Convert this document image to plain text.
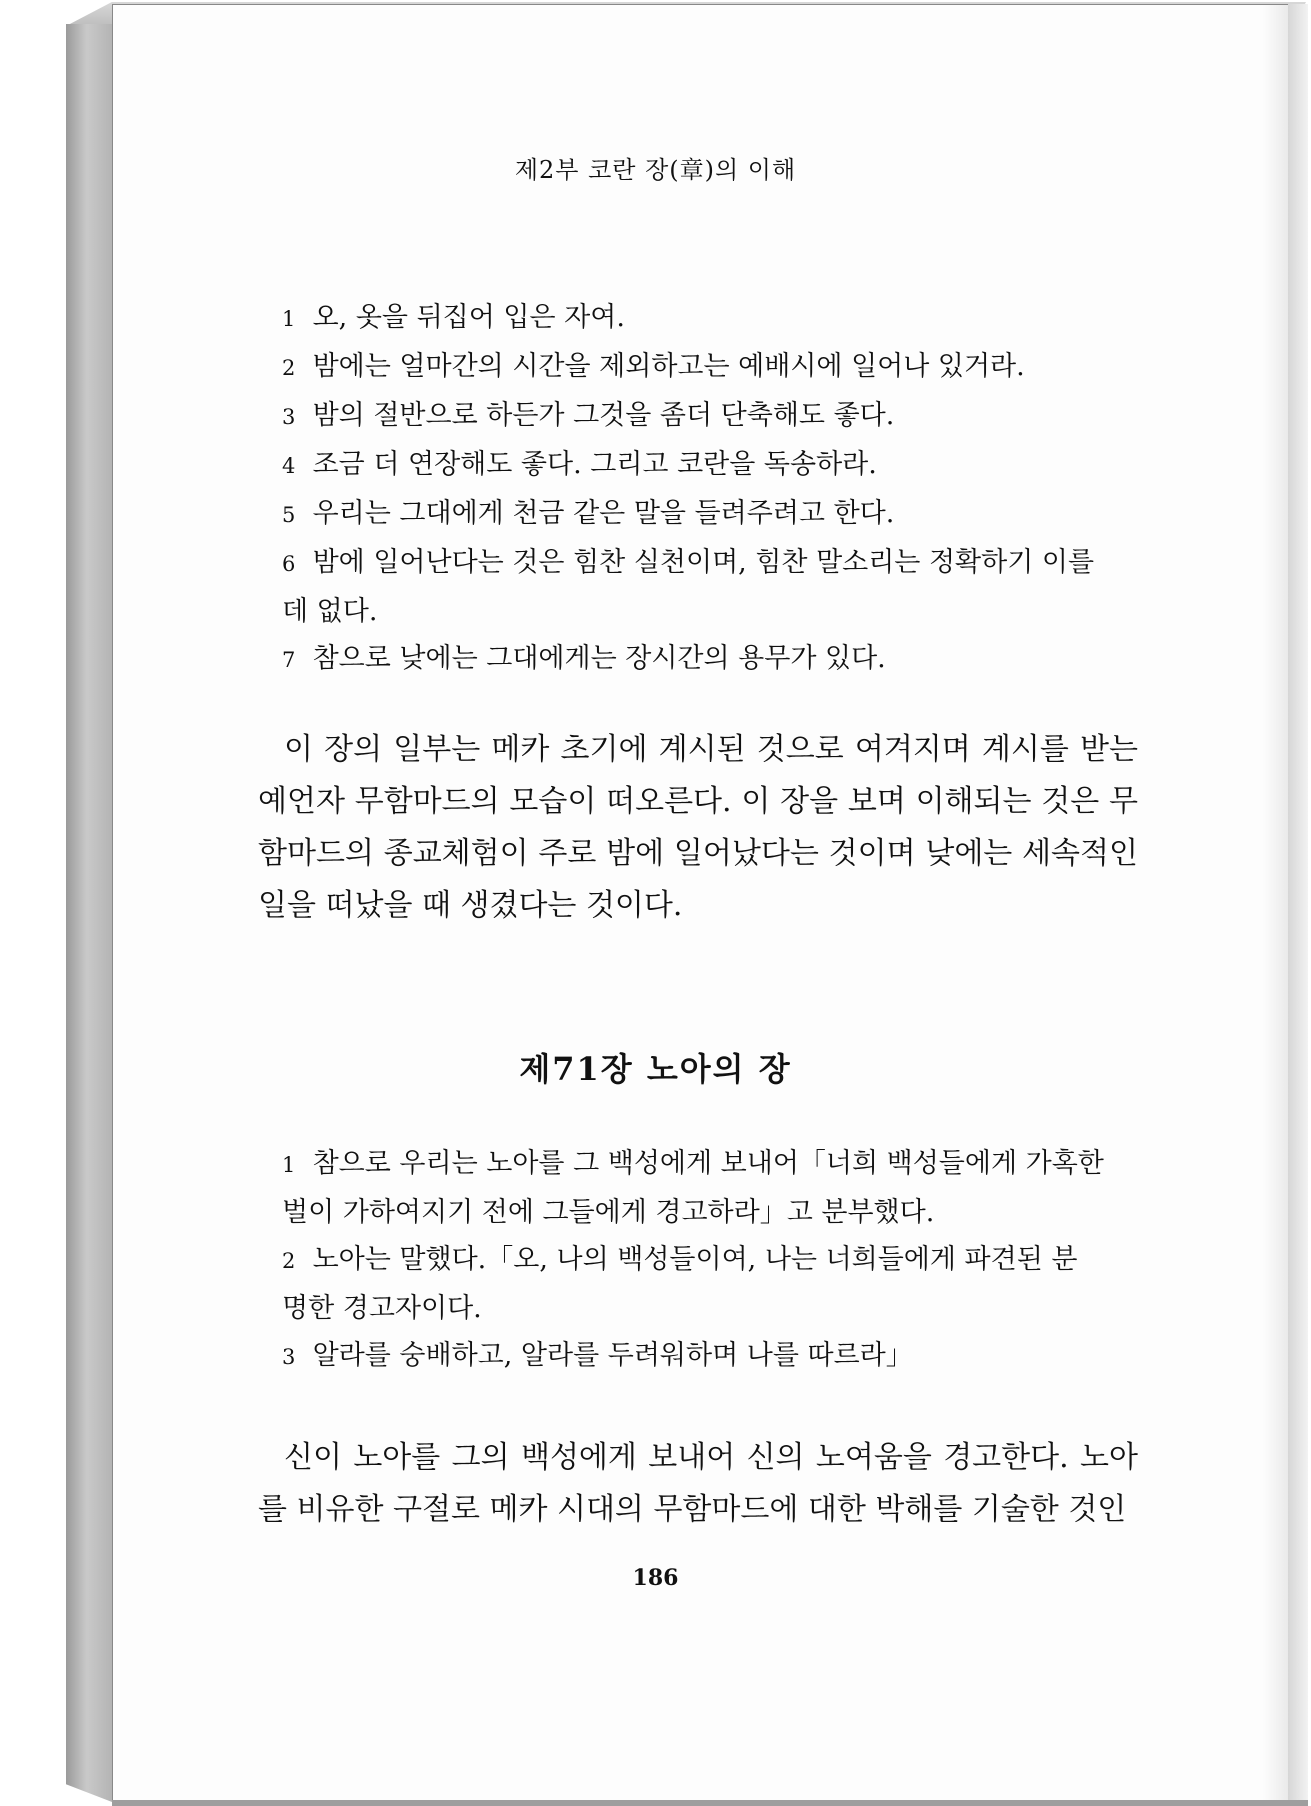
제2부 코란 장(章)의 이해

1 오, 옷을 뒤집어 입은 자여.

2 밤에는 얼마간의 시간을 제외하고는 예배시에 일어나 있거라.

3 밤의 절반으로 하든가 그것을 좀더 단축해도 좋다.

4 조금 더 연장해도 좋다. 그리고 코란을 독송하라.

5 우리는 그대에게 천금 같은 말을 들려주려고 한다.

6 밤에 일어난다는 것은 힘찬 실천이며, 힘찬 말소리는 정확하기 이를
데 없다.

7 참으로 낮에는 그대에게는 장시간의 용무가 있다.

이 장의 일부는 메카 초기에 계시된 것으로 여겨지며 계시를 받는 예언자 무함마드의 모습이 떠오른다. 이 장을 보며 이해되는 것은 무함마드의 종교체험이 주로 밤에 일어났다는 것이며 낮에는 세속적인 일을 떠났을 때 생겼다는 것이다.

제71장 노아의 장

1 참으로 우리는 노아를 그 백성에게 보내어「너희 백성들에게 가혹한
벌이 가하여지기 전에 그들에게 경고하라」고 분부했다.

2 노아는 말했다.「오, 나의 백성들이여, 나는 너희들에게 파견된 분
명한 경고자이다.

3 알라를 숭배하고, 알라를 두려워하며 나를 따르라」

신이 노아를 그의 백성에게 보내어 신의 노여움을 경고한다. 노아를 비유한 구절로 메카 시대의 무함마드에 대한 박해를 기술한 것인

186
